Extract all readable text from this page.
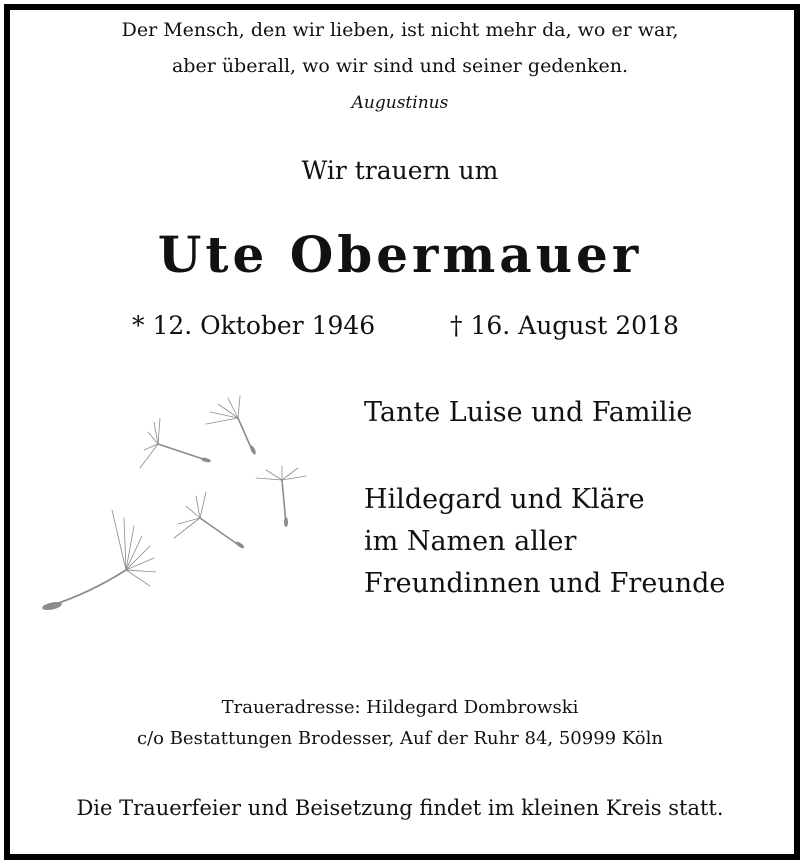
Der Mensch, den wir lieben, ist nicht mehr da, wo er war,
aber überall, wo wir sind und seiner gedenken.
Augustinus
Wir trauern um
Ute Obermauer
* 12. Oktober 1946	† 16. August 2018
Tante Luise und Familie
Hildegard und Kläre
im Namen aller
Freundinnen und Freunde
Traueradresse: Hildegard Dombrowski
c/o Bestattungen Brodesser, Auf der Ruhr 84, 50999 Köln
Die Trauerfeier und Beisetzung findet im kleinen Kreis statt.
